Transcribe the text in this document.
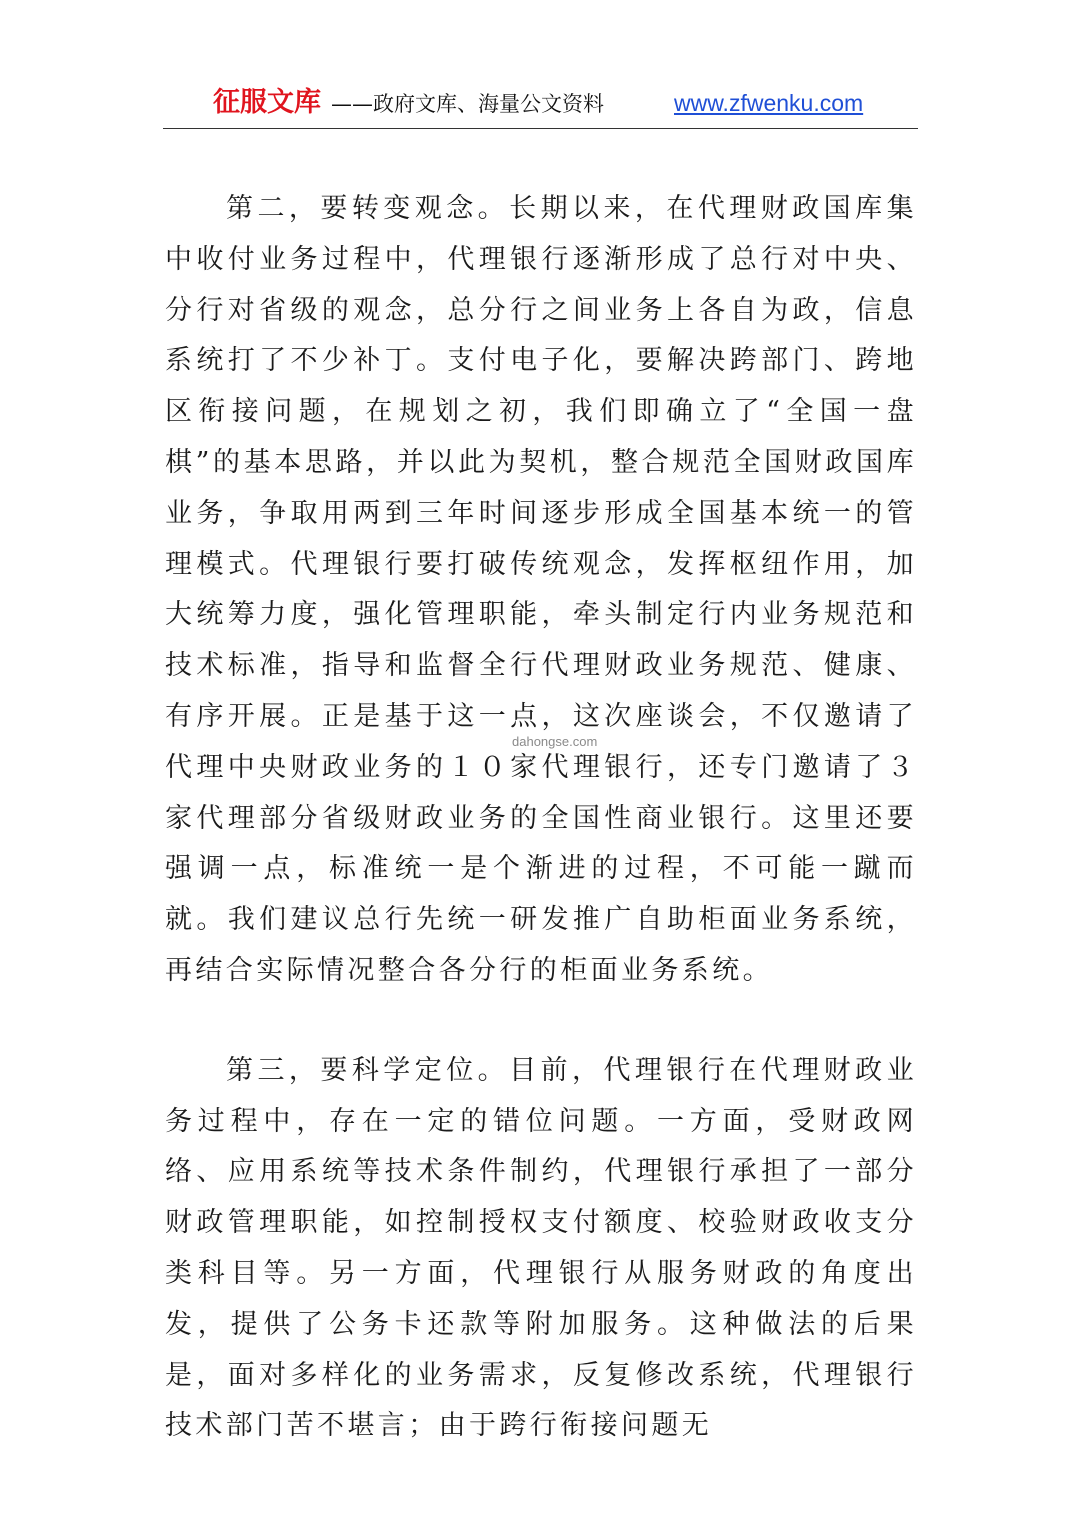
征服文库 ——政府文库、海量公文资料	www.zfwenku.com

第二，要转变观念。长期以来，在代理财政国库集中收付业务过程中，代理银行逐渐形成了总行对中央、分行对省级的观念，总分行之间业务上各自为政，信息系统打了不少补丁。支付电子化，要解决跨部门、跨地区衔接问题，在规划之初，我们即确立了“全国一盘棋”的基本思路，并以此为契机，整合规范全国财政国库业务，争取用两到三年时间逐步形成全国基本统一的管理模式。代理银行要打破传统观念，发挥枢纽作用，加大统筹力度，强化管理职能，牵头制定行内业务规范和技术标准，指导和监督全行代理财政业务规范、健康、有序开展。正是基于这一点，这次座谈会，不仅邀请了代理中央财政业务的１０家代理银行，还专门邀请了３家代理部分省级财政业务的全国性商业银行。这里还要强调一点，标准统一是个渐进的过程，不可能一蹴而就。我们建议总行先统一研发推广自助柜面业务系统，再结合实际情况整合各分行的柜面业务系统。

第三，要科学定位。目前，代理银行在代理财政业务过程中，存在一定的错位问题。一方面，受财政网络、应用系统等技术条件制约，代理银行承担了一部分财政管理职能，如控制授权支付额度、校验财政收支分类科目等。另一方面，代理银行从服务财政的角度出发，提供了公务卡还款等附加服务。这种做法的后果是，面对多样化的业务需求，反复修改系统，代理银行技术部门苦不堪言；由于跨行衔接问题无

dahongse.com
